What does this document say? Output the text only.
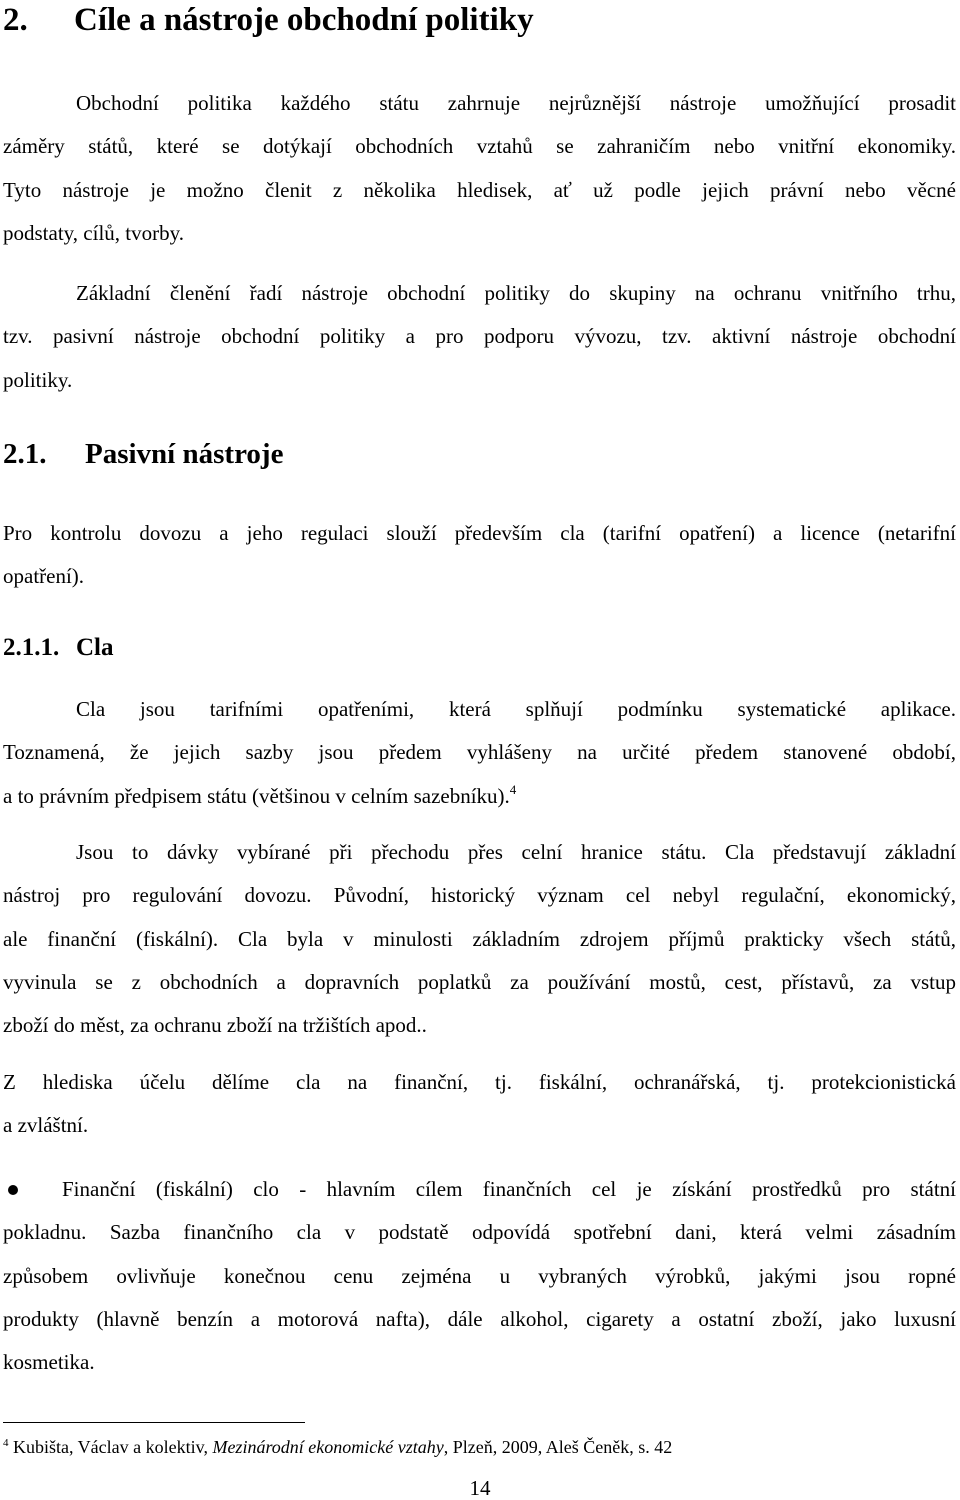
2. Cíle a nástroje obchodní politiky

Obchodní politika každého státu zahrnuje nejrůznější nástroje umožňující prosadit
záměry států, které se dotýkají obchodních vztahů se zahraničím nebo vnitřní ekonomiky.
Tyto nástroje je možno členit z několika hledisek, ať už podle jejich právní nebo věcné
podstaty, cílů, tvorby.

Základní členění řadí nástroje obchodní politiky do skupiny na ochranu vnitřního trhu,
tzv. pasivní nástroje obchodní politiky a pro podporu vývozu, tzv. aktivní nástroje obchodní
politiky.

2.1. Pasivní nástroje

Pro kontrolu dovozu a jeho regulaci slouží především cla (tarifní opatření) a licence (netarifní
opatření).

2.1.1. Cla

Cla jsou tarifními opatřeními, která splňují podmínku systematické aplikace.
Toznamená, že jejich sazby jsou předem vyhlášeny na určité předem stanovené období,
a to právním předpisem státu (většinou v celním sazebníku).$^4$

Jsou to dávky vybírané při přechodu přes celní hranice státu. Cla představují základní
nástroj pro regulování dovozu. Původní, historický význam cel nebyl regulační, ekonomický,
ale finanční (fiskální). Cla byla v minulosti základním zdrojem příjmů prakticky všech států,
vyvinula se z obchodních a dopravních poplatků za používání mostů, cest, přístavů, za vstup
zboží do měst, za ochranu zboží na tržištích apod..

Z hlediska účelu dělíme cla na finanční, tj. fiskální, ochranářská, tj. protekcionistická
a zvláštní.

Finanční (fiskální) clo - hlavním cílem finančních cel je získání prostředků pro státní
pokladnu. Sazba finančního cla v podstatě odpovídá spotřební dani, která velmi zásadním
způsobem ovlivňuje konečnou cenu zejména u vybraných výrobků, jakými jsou ropné
produkty (hlavně benzín a motorová nafta), dále alkohol, cigarety a ostatní zboží, jako luxusní
kosmetika.

$^4$ Kubišta, Václav a kolektiv, Mezinárodní ekonomické vztahy, Plzeň, 2009, Aleš Čeněk, s. 42

14
